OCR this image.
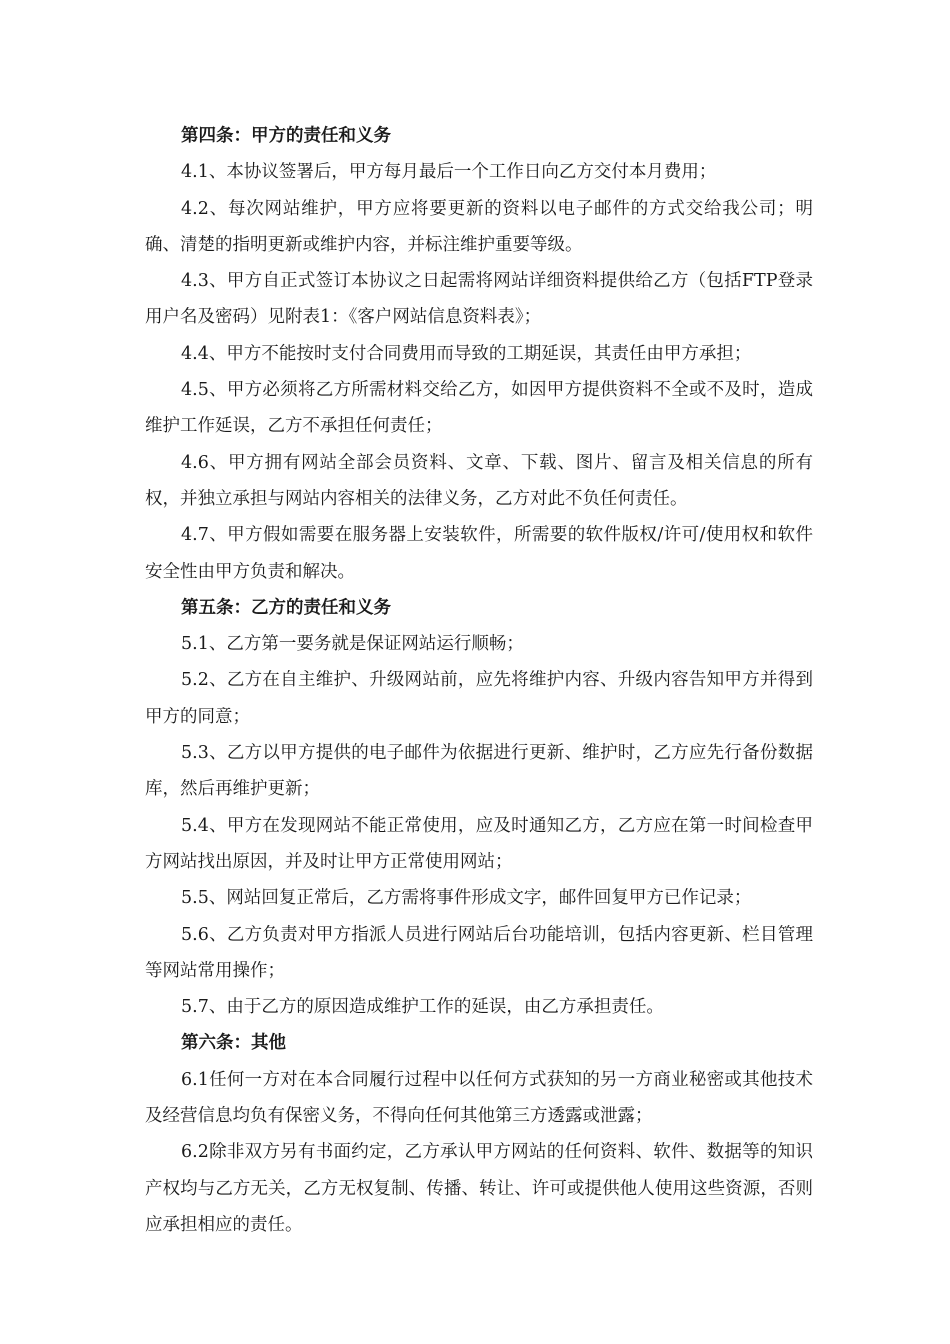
第四条：甲方的责任和义务

4.1、本协议签署后，甲方每月最后一个工作日向乙方交付本月费用；

4.2、每次网站维护，甲方应将要更新的资料以电子邮件的方式交给我公司；明确、清楚的指明更新或维护内容，并标注维护重要等级。

4.3、甲方自正式签订本协议之日起需将网站详细资料提供给乙方（包括FTP登录用户名及密码）见附表1：《客户网站信息资料表》；

4.4、甲方不能按时支付合同费用而导致的工期延误，其责任由甲方承担；

4.5、甲方必须将乙方所需材料交给乙方，如因甲方提供资料不全或不及时，造成维护工作延误，乙方不承担任何责任；

4.6、甲方拥有网站全部会员资料、文章、下载、图片、留言及相关信息的所有权，并独立承担与网站内容相关的法律义务，乙方对此不负任何责任。

4.7、甲方假如需要在服务器上安装软件，所需要的软件版权/许可/使用权和软件安全性由甲方负责和解决。

第五条：乙方的责任和义务

5.1、乙方第一要务就是保证网站运行顺畅；

5.2、乙方在自主维护、升级网站前，应先将维护内容、升级内容告知甲方并得到甲方的同意；

5.3、乙方以甲方提供的电子邮件为依据进行更新、维护时，乙方应先行备份数据库，然后再维护更新；

5.4、甲方在发现网站不能正常使用，应及时通知乙方，乙方应在第一时间检查甲方网站找出原因，并及时让甲方正常使用网站；

5.5、网站回复正常后，乙方需将事件形成文字，邮件回复甲方已作记录；

5.6、乙方负责对甲方指派人员进行网站后台功能培训，包括内容更新、栏目管理等网站常用操作；

5.7、由于乙方的原因造成维护工作的延误，由乙方承担责任。

第六条：其他

6.1任何一方对在本合同履行过程中以任何方式获知的另一方商业秘密或其他技术及经营信息均负有保密义务，不得向任何其他第三方透露或泄露；

6.2除非双方另有书面约定，乙方承认甲方网站的任何资料、软件、数据等的知识产权均与乙方无关，乙方无权复制、传播、转让、许可或提供他人使用这些资源，否则应承担相应的责任。
